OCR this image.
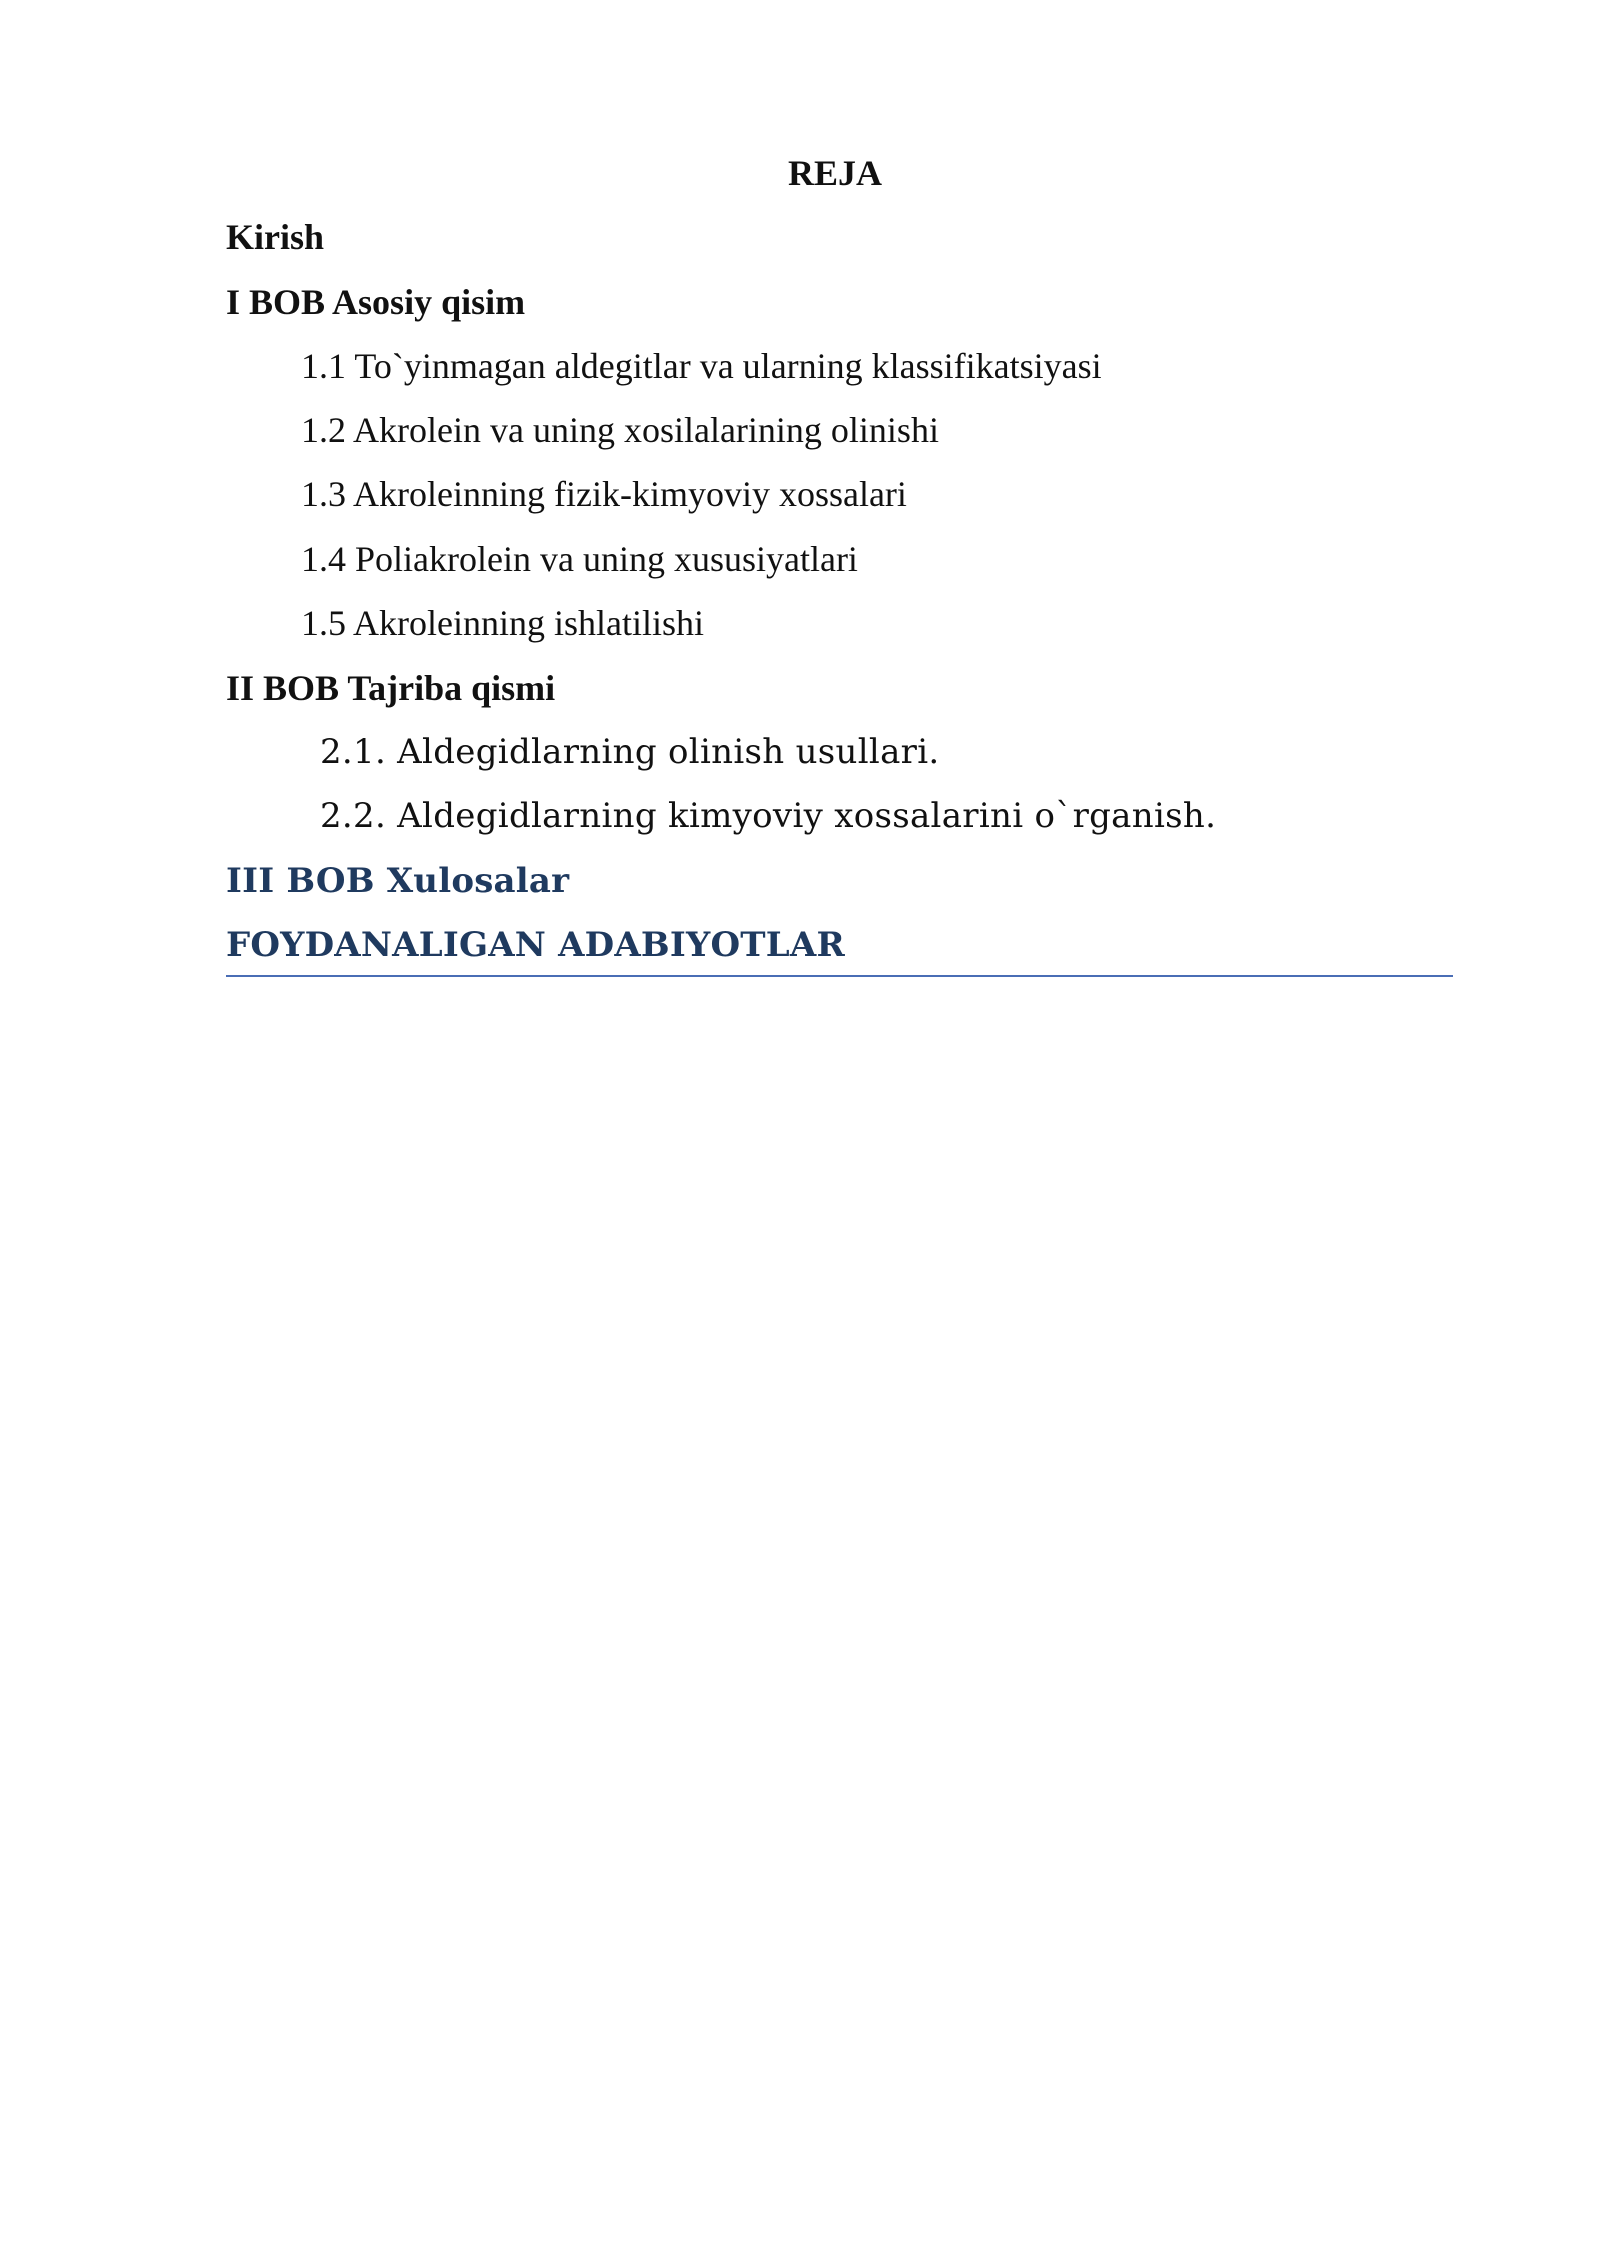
REJA
Kirish
I BOB Asosiy qisim
1.1 To`yinmagan aldegitlar va ularning klassifikatsiyasi
1.2 Akrolein va uning xosilalarining olinishi
1.3 Akroleinning fizik-kimyoviy xossalari
1.4 Poliakrolein va uning xususiyatlari
1.5 Akroleinning ishlatilishi
II BOB Tajriba qismi
2.1. Aldegidlarning olinish usullari.
2.2. Aldegidlarning kimyoviy xossalarini o`rganish.
III BOB Xulosalar
FOYDANALIGAN ADABIYOTLAR
